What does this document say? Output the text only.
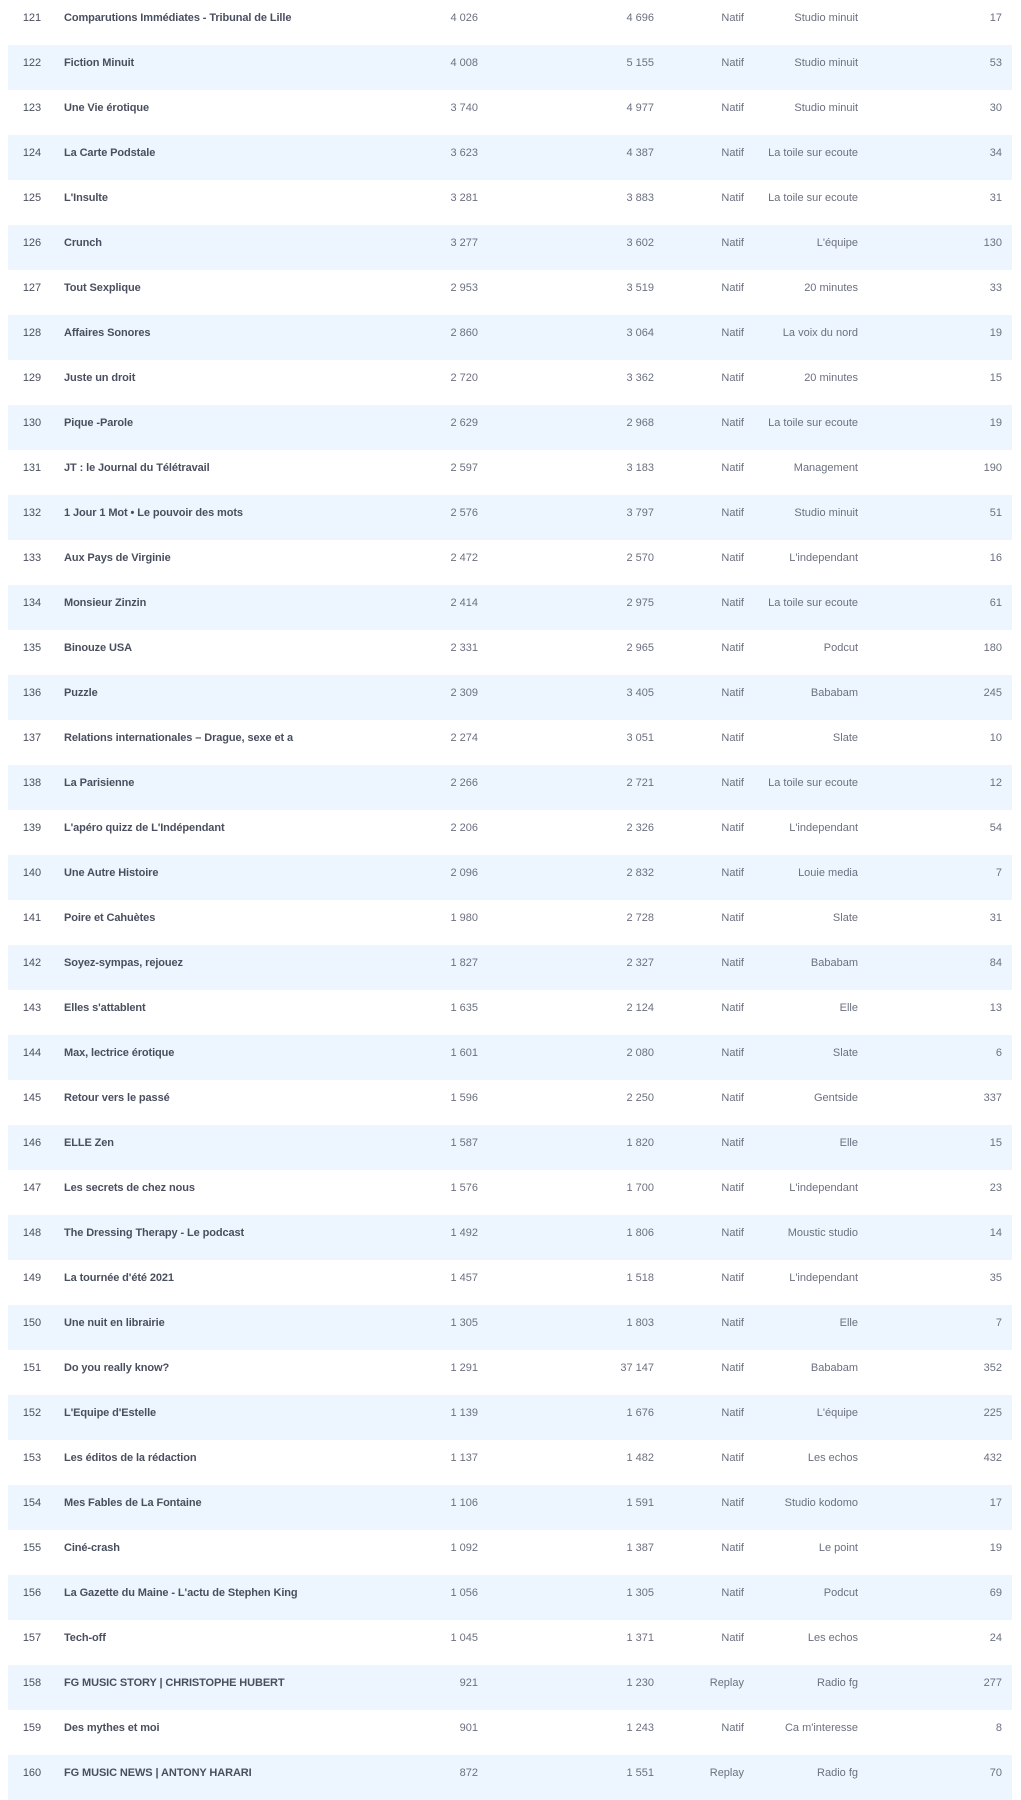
121	Comparutions Immédiates - Tribunal de Lille	4 026	4 696	Natif	Studio minuit	17
122	Fiction Minuit	4 008	5 155	Natif	Studio minuit	53
123	Une Vie érotique	3 740	4 977	Natif	Studio minuit	30
124	La Carte Podstale	3 623	4 387	Natif	La toile sur ecoute	34
125	L'Insulte	3 281	3 883	Natif	La toile sur ecoute	31
126	Crunch	3 277	3 602	Natif	L'équipe	130
127	Tout Sexplique	2 953	3 519	Natif	20 minutes	33
128	Affaires Sonores	2 860	3 064	Natif	La voix du nord	19
129	Juste un droit	2 720	3 362	Natif	20 minutes	15
130	Pique -Parole	2 629	2 968	Natif	La toile sur ecoute	19
131	JT : le Journal du Télétravail	2 597	3 183	Natif	Management	190
132	1 Jour 1 Mot • Le pouvoir des mots	2 576	3 797	Natif	Studio minuit	51
133	Aux Pays de Virginie	2 472	2 570	Natif	L'independant	16
134	Monsieur Zinzin	2 414	2 975	Natif	La toile sur ecoute	61
135	Binouze USA	2 331	2 965	Natif	Podcut	180
136	Puzzle	2 309	3 405	Natif	Bababam	245
137	Relations internationales – Drague, sexe et a	2 274	3 051	Natif	Slate	10
138	La Parisienne	2 266	2 721	Natif	La toile sur ecoute	12
139	L'apéro quizz de L'Indépendant	2 206	2 326	Natif	L'independant	54
140	Une Autre Histoire	2 096	2 832	Natif	Louie media	7
141	Poire et Cahuètes	1 980	2 728	Natif	Slate	31
142	Soyez-sympas, rejouez	1 827	2 327	Natif	Bababam	84
143	Elles s'attablent	1 635	2 124	Natif	Elle	13
144	Max, lectrice érotique	1 601	2 080	Natif	Slate	6
145	Retour vers le passé	1 596	2 250	Natif	Gentside	337
146	ELLE Zen	1 587	1 820	Natif	Elle	15
147	Les secrets de chez nous	1 576	1 700	Natif	L'independant	23
148	The Dressing Therapy - Le podcast	1 492	1 806	Natif	Moustic studio	14
149	La tournée d'été 2021	1 457	1 518	Natif	L'independant	35
150	Une nuit en librairie	1 305	1 803	Natif	Elle	7
151	Do you really know?	1 291	37 147	Natif	Bababam	352
152	L'Equipe d'Estelle	1 139	1 676	Natif	L'équipe	225
153	Les éditos de la rédaction	1 137	1 482	Natif	Les echos	432
154	Mes Fables de La Fontaine	1 106	1 591	Natif	Studio kodomo	17
155	Ciné-crash	1 092	1 387	Natif	Le point	19
156	La Gazette du Maine - L'actu de Stephen King	1 056	1 305	Natif	Podcut	69
157	Tech-off	1 045	1 371	Natif	Les echos	24
158	FG MUSIC STORY | CHRISTOPHE HUBERT	921	1 230	Replay	Radio fg	277
159	Des mythes et moi	901	1 243	Natif	Ca m'interesse	8
160	FG MUSIC NEWS | ANTONY HARARI	872	1 551	Replay	Radio fg	70
